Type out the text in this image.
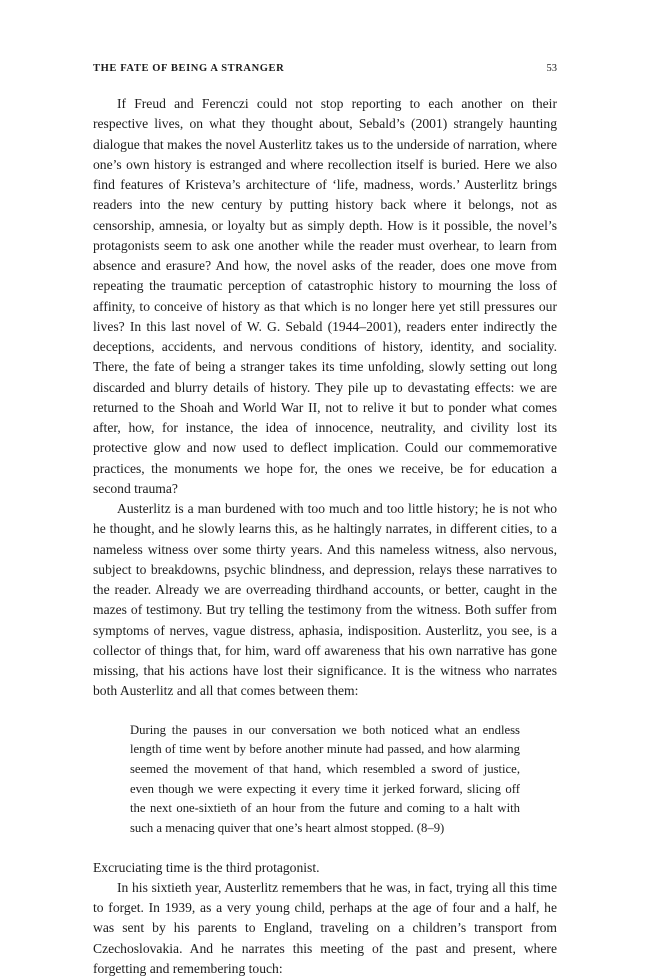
THE FATE OF BEING A STRANGER	53

If Freud and Ferenczi could not stop reporting to each another on their respective lives, on what they thought about, Sebald’s (2001) strangely haunting dialogue that makes the novel Austerlitz takes us to the underside of narration, where one’s own history is estranged and where recollection itself is buried. Here we also find features of Kristeva’s architecture of ‘life, madness, words.’ Austerlitz brings readers into the new century by putting history back where it belongs, not as censorship, amnesia, or loyalty but as simply depth. How is it possible, the novel’s protagonists seem to ask one another while the reader must overhear, to learn from absence and erasure? And how, the novel asks of the reader, does one move from repeating the traumatic perception of catastrophic history to mourning the loss of affinity, to conceive of history as that which is no longer here yet still pressures our lives? In this last novel of W. G. Sebald (1944–2001), readers enter indirectly the deceptions, accidents, and nervous conditions of history, identity, and sociality. There, the fate of being a stranger takes its time unfolding, slowly setting out long discarded and blurry details of history. They pile up to devastating effects: we are returned to the Shoah and World War II, not to relive it but to ponder what comes after, how, for instance, the idea of innocence, neutrality, and civility lost its protective glow and now used to deflect implication. Could our commemorative practices, the monuments we hope for, the ones we receive, be for education a second trauma?

Austerlitz is a man burdened with too much and too little history; he is not who he thought, and he slowly learns this, as he haltingly narrates, in different cities, to a nameless witness over some thirty years. And this nameless witness, also nervous, subject to breakdowns, psychic blindness, and depression, relays these narratives to the reader. Already we are overreading thirdhand accounts, or better, caught in the mazes of testimony. But try telling the testimony from the witness. Both suffer from symptoms of nerves, vague distress, aphasia, indisposition. Austerlitz, you see, is a collector of things that, for him, ward off awareness that his own narrative has gone missing, that his actions have lost their significance. It is the witness who narrates both Austerlitz and all that comes between them:

During the pauses in our conversation we both noticed what an endless length of time went by before another minute had passed, and how alarming seemed the movement of that hand, which resembled a sword of justice, even though we were expecting it every time it jerked forward, slicing off the next one-sixtieth of an hour from the future and coming to a halt with such a menacing quiver that one’s heart almost stopped. (8–9)

Excruciating time is the third protagonist.

In his sixtieth year, Austerlitz remembers that he was, in fact, trying all this time to forget. In 1939, as a very young child, perhaps at the age of four and a half, he was sent by his parents to England, traveling on a children’s transport from Czechoslovakia. And he narrates this meeting of the past and present, where forgetting and remembering touch:
